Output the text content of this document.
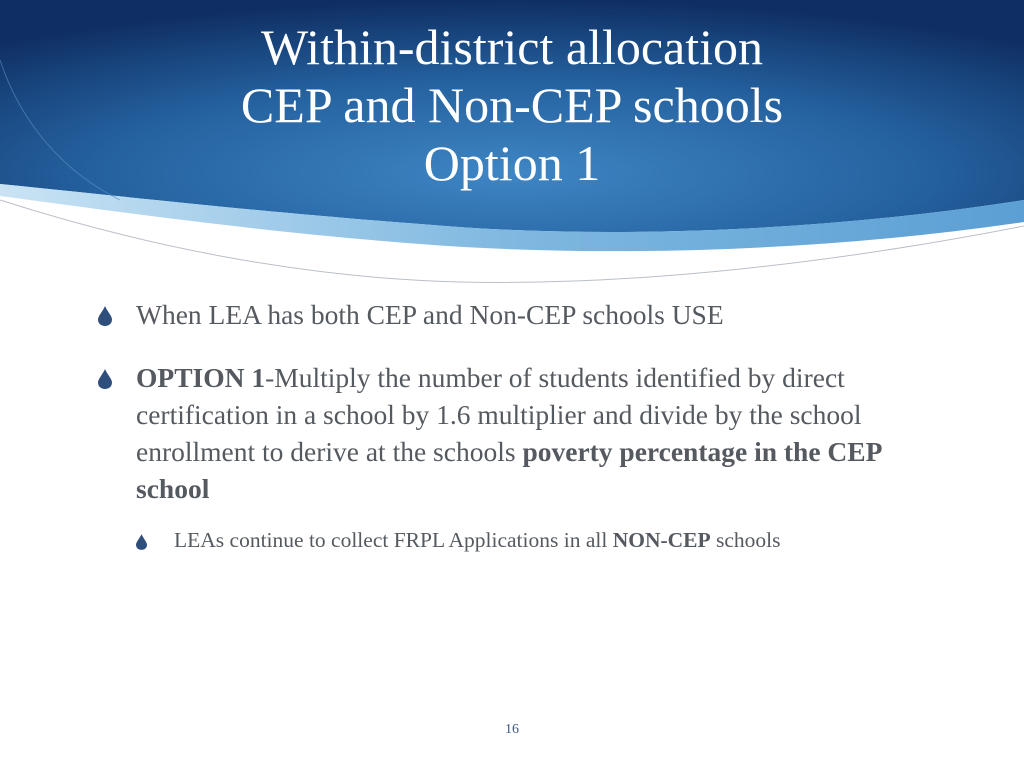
Within-district allocation
CEP and Non-CEP schools
Option 1
When LEA has both CEP and Non-CEP schools USE
OPTION 1-Multiply the number of students identified by direct certification in a school by 1.6 multiplier and divide by the school enrollment to derive at the schools poverty percentage in the CEP school
LEAs continue to collect FRPL Applications in all NON-CEP schools
16
